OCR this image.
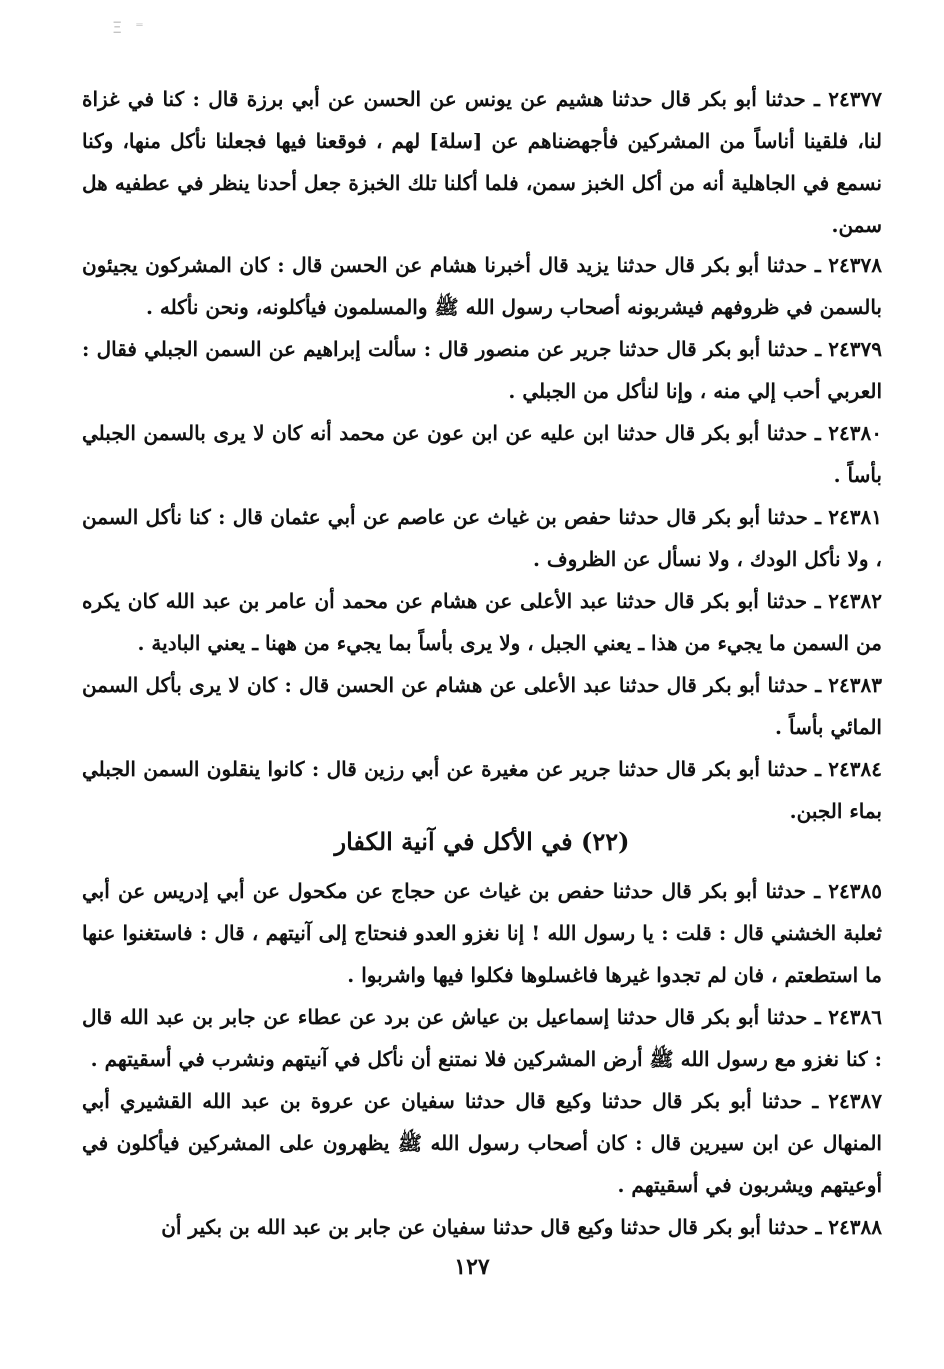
Ξ ⁼

٢٤٣٧٧ ـ حدثنا أبو بكر قال حدثنا هشيم عن يونس عن الحسن عن أبي برزة قال : كنا في غزاة لنا، فلقينا أناساً من المشركين فأجهضناهم عن [سلة] لهم ، فوقعنا فيها فجعلنا نأكل منها، وكنا نسمع في الجاهلية أنه من أكل الخبز سمن، فلما أكلنا تلك الخبزة جعل أحدنا ينظر في عطفيه هل سمن.

٢٤٣٧٨ ـ حدثنا أبو بكر قال حدثنا يزيد قال أخبرنا هشام عن الحسن قال : كان المشركون يجيئون بالسمن في ظروفهم فيشربونه أصحاب رسول الله ﷺ والمسلمون فيأكلونه، ونحن نأكله .

٢٤٣٧٩ ـ حدثنا أبو بكر قال حدثنا جرير عن منصور قال : سألت إبراهيم عن السمن الجبلي فقال : العربي أحب إلي منه ، وإنا لنأكل من الجبلي .

٢٤٣٨٠ ـ حدثنا أبو بكر قال حدثنا ابن عليه عن ابن عون عن محمد أنه كان لا يرى بالسمن الجبلي بأساً .

٢٤٣٨١ ـ حدثنا أبو بكر قال حدثنا حفص بن غياث عن عاصم عن أبي عثمان قال : كنا نأكل السمن ، ولا نأكل الودك ، ولا نسأل عن الظروف .

٢٤٣٨٢ ـ حدثنا أبو بكر قال حدثنا عبد الأعلى عن هشام عن محمد أن عامر بن عبد الله كان يكره من السمن ما يجيء من هذا ـ يعني الجبل ، ولا يرى بأساً بما يجيء من ههنا ـ يعني البادية .

٢٤٣٨٣ ـ حدثنا أبو بكر قال حدثنا عبد الأعلى عن هشام عن الحسن قال : كان لا يرى بأكل السمن المائي بأساً .

٢٤٣٨٤ ـ حدثنا أبو بكر قال حدثنا جرير عن مغيرة عن أبي رزين قال : كانوا ينقلون السمن الجبلي بماء الجبن.

(٢٢) في الأكل في آنية الكفار

٢٤٣٨٥ ـ حدثنا أبو بكر قال حدثنا حفص بن غياث عن حجاج عن مكحول عن أبي إدريس عن أبي ثعلبة الخشني قال : قلت : يا رسول الله ! إنا نغزو العدو فنحتاج إلى آنيتهم ، قال : فاستغنوا عنها ما استطعتم ، فان لم تجدوا غيرها فاغسلوها فكلوا فيها واشربوا .

٢٤٣٨٦ ـ حدثنا أبو بكر قال حدثنا إسماعيل بن عياش عن برد عن عطاء عن جابر بن عبد الله قال : كنا نغزو مع رسول الله ﷺ أرض المشركين فلا نمتنع أن نأكل في آنيتهم ونشرب في أسقيتهم .

٢٤٣٨٧ ـ حدثنا أبو بكر قال حدثنا وكيع قال حدثنا سفيان عن عروة بن عبد الله القشيري أبي المنهال عن ابن سيرين قال : كان أصحاب رسول الله ﷺ يظهرون على المشركين فيأكلون في أوعيتهم ويشربون في أسقيتهم .

٢٤٣٨٨ ـ حدثنا أبو بكر قال حدثنا وكيع قال حدثنا سفيان عن جابر بن عبد الله بن بكير أن

١٢٧
